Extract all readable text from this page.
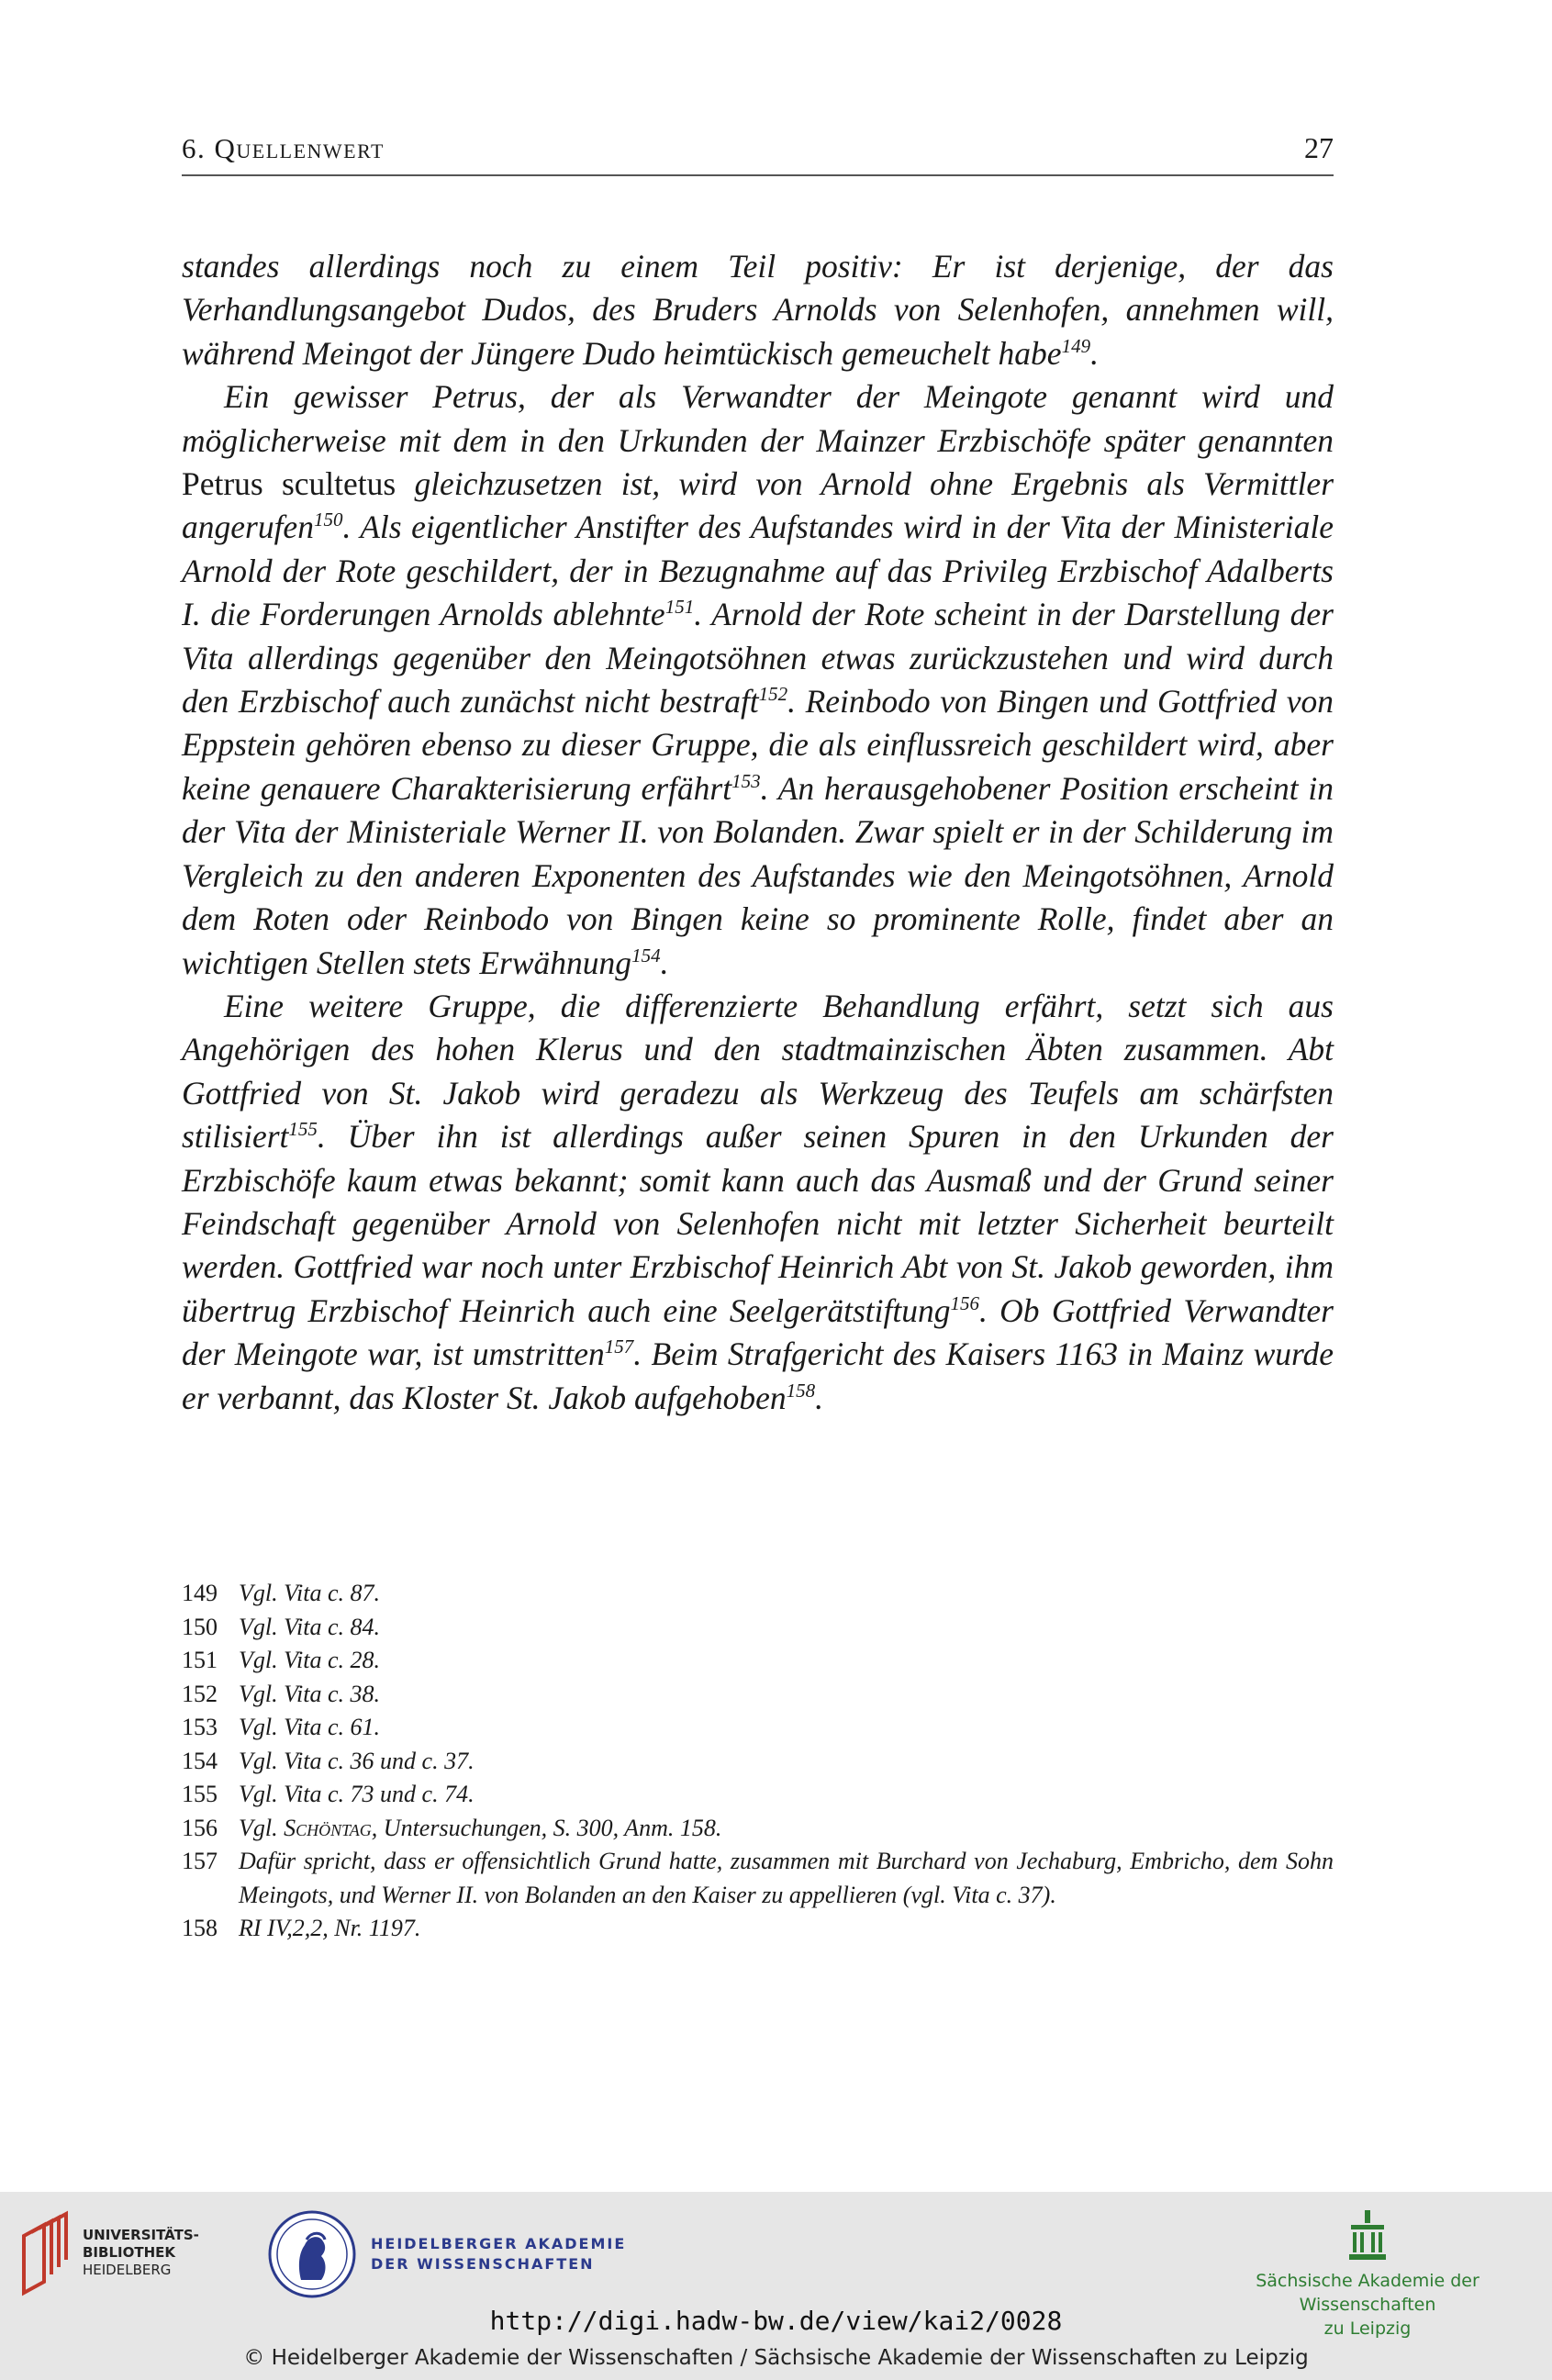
6. Quellenwert	27

standes allerdings noch zu einem Teil positiv: Er ist derjenige, der das Verhandlungsangebot Dudos, des Bruders Arnolds von Selenhofen, annehmen will, während Meingot der Jüngere Dudo heimtückisch gemeuchelt habe$^{149}$.

Ein gewisser Petrus, der als Verwandter der Meingote genannt wird und möglicherweise mit dem in den Urkunden der Mainzer Erzbischöfe später genannten Petrus scultetus gleichzusetzen ist, wird von Arnold ohne Ergebnis als Vermittler angerufen$^{150}$. Als eigentlicher Anstifter des Aufstandes wird in der Vita der Ministeriale Arnold der Rote geschildert, der in Bezugnahme auf das Privileg Erzbischof Adalberts I. die Forderungen Arnolds ablehnte$^{151}$. Arnold der Rote scheint in der Darstellung der Vita allerdings gegenüber den Meingotsöhnen etwas zurückzustehen und wird durch den Erzbischof auch zunächst nicht bestraft$^{152}$. Reinbodo von Bingen und Gottfried von Eppstein gehören ebenso zu dieser Gruppe, die als einflussreich geschildert wird, aber keine genauere Charakterisierung erfährt$^{153}$. An herausgehobener Position erscheint in der Vita der Ministeriale Werner II. von Bolanden. Zwar spielt er in der Schilderung im Vergleich zu den anderen Exponenten des Aufstandes wie den Meingotsöhnen, Arnold dem Roten oder Reinbodo von Bingen keine so prominente Rolle, findet aber an wichtigen Stellen stets Erwähnung$^{154}$.

Eine weitere Gruppe, die differenzierte Behandlung erfährt, setzt sich aus Angehörigen des hohen Klerus und den stadtmainzischen Äbten zusammen. Abt Gottfried von St. Jakob wird geradezu als Werkzeug des Teufels am schärfsten stilisiert$^{155}$. Über ihn ist allerdings außer seinen Spuren in den Urkunden der Erzbischöfe kaum etwas bekannt; somit kann auch das Ausmaß und der Grund seiner Feindschaft gegenüber Arnold von Selenhofen nicht mit letzter Sicherheit beurteilt werden. Gottfried war noch unter Erzbischof Heinrich Abt von St. Jakob geworden, ihm übertrug Erzbischof Heinrich auch eine Seelgerätstiftung$^{156}$. Ob Gottfried Verwandter der Meingote war, ist umstritten$^{157}$. Beim Strafgericht des Kaisers 1163 in Mainz wurde er verbannt, das Kloster St. Jakob aufgehoben$^{158}$.

149 Vgl. Vita c. 87.
150 Vgl. Vita c. 84.
151 Vgl. Vita c. 28.
152 Vgl. Vita c. 38.
153 Vgl. Vita c. 61.
154 Vgl. Vita c. 36 und c. 37.
155 Vgl. Vita c. 73 und c. 74.
156 Vgl. Schöntag, Untersuchungen, S. 300, Anm. 158.
157 Dafür spricht, dass er offensichtlich Grund hatte, zusammen mit Burchard von Jechaburg, Embricho, dem Sohn Meingots, und Werner II. von Bolanden an den Kaiser zu appellieren (vgl. Vita c. 37).
158 RI IV,2,2, Nr. 1197.
UNIVERSITÄTS-
BIBLIOTHEK
HEIDELBERG
HEIDELBERGER AKADEMIE
DER WISSENSCHAFTEN
Sächsische Akademie der Wissenschaften
zu Leipzig
http://digi.hadw-bw.de/view/kai2/0028
© Heidelberger Akademie der Wissenschaften / Sächsische Akademie der Wissenschaften zu Leipzig
